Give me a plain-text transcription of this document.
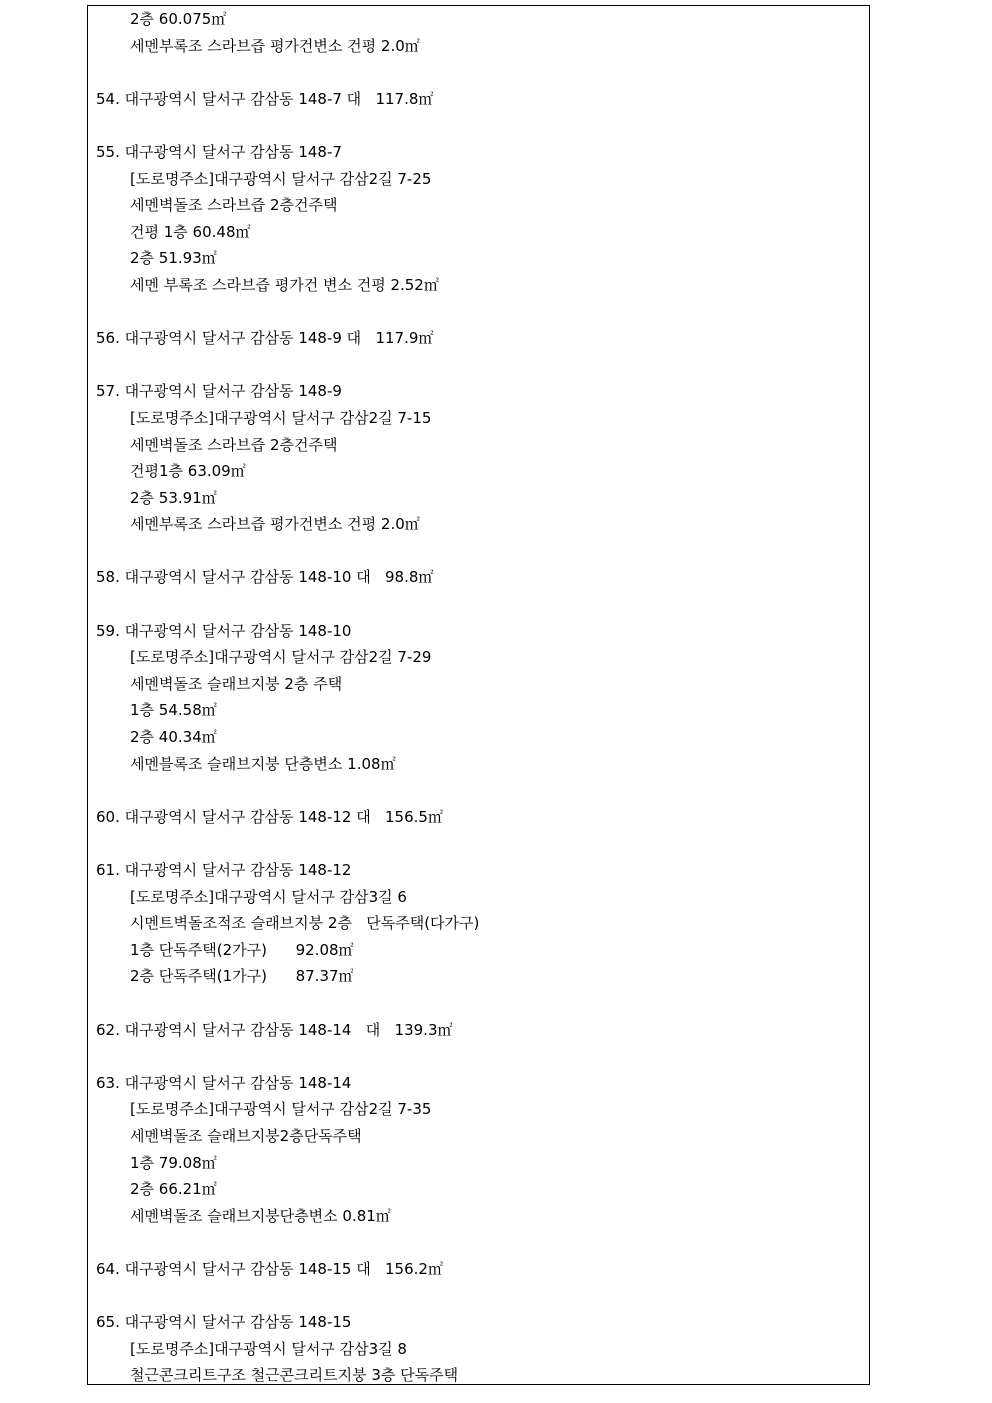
2층 60.075㎡
세멘부록조 스라브즙 평가건변소 건평 2.0㎡
54. 대구광역시 달서구 감삼동 148-7 대   117.8㎡
55. 대구광역시 달서구 감삼동 148-7
[도로명주소]대구광역시 달서구 감삼2길 7-25
세멘벽돌조 스라브즙 2층건주택
건평 1층 60.48㎡
2층 51.93㎡
세멘 부록조 스라브즙 평가건 변소 건평 2.52㎡
56. 대구광역시 달서구 감삼동 148-9 대   117.9㎡
57. 대구광역시 달서구 감삼동 148-9
[도로명주소]대구광역시 달서구 감삼2길 7-15
세멘벽돌조 스라브즙 2층건주택
건평1층 63.09㎡
2층 53.91㎡
세멘부록조 스라브즙 평가건변소 건평 2.0㎡
58. 대구광역시 달서구 감삼동 148-10 대   98.8㎡
59. 대구광역시 달서구 감삼동 148-10
[도로명주소]대구광역시 달서구 감삼2길 7-29
세멘벽돌조 슬래브지붕 2층 주택
1층 54.58㎡
2층 40.34㎡
세멘블록조 슬래브지붕 단층변소 1.08㎡
60. 대구광역시 달서구 감삼동 148-12 대   156.5㎡
61. 대구광역시 달서구 감삼동 148-12
[도로명주소]대구광역시 달서구 감삼3길 6
시멘트벽돌조적조 슬래브지붕 2층   단독주택(다가구)
1층 단독주택(2가구)      92.08㎡
2층 단독주택(1가구)      87.37㎡
62. 대구광역시 달서구 감삼동 148-14   대   139.3㎡
63. 대구광역시 달서구 감삼동 148-14
[도로명주소]대구광역시 달서구 감삼2길 7-35
세멘벽돌조 슬래브지붕2층단독주택
1층 79.08㎡
2층 66.21㎡
세멘벽돌조 슬래브지붕단층변소 0.81㎡
64. 대구광역시 달서구 감삼동 148-15 대   156.2㎡
65. 대구광역시 달서구 감삼동 148-15
[도로명주소]대구광역시 달서구 감삼3길 8
철근콘크리트구조 철근콘크리트지붕 3층 단독주택
